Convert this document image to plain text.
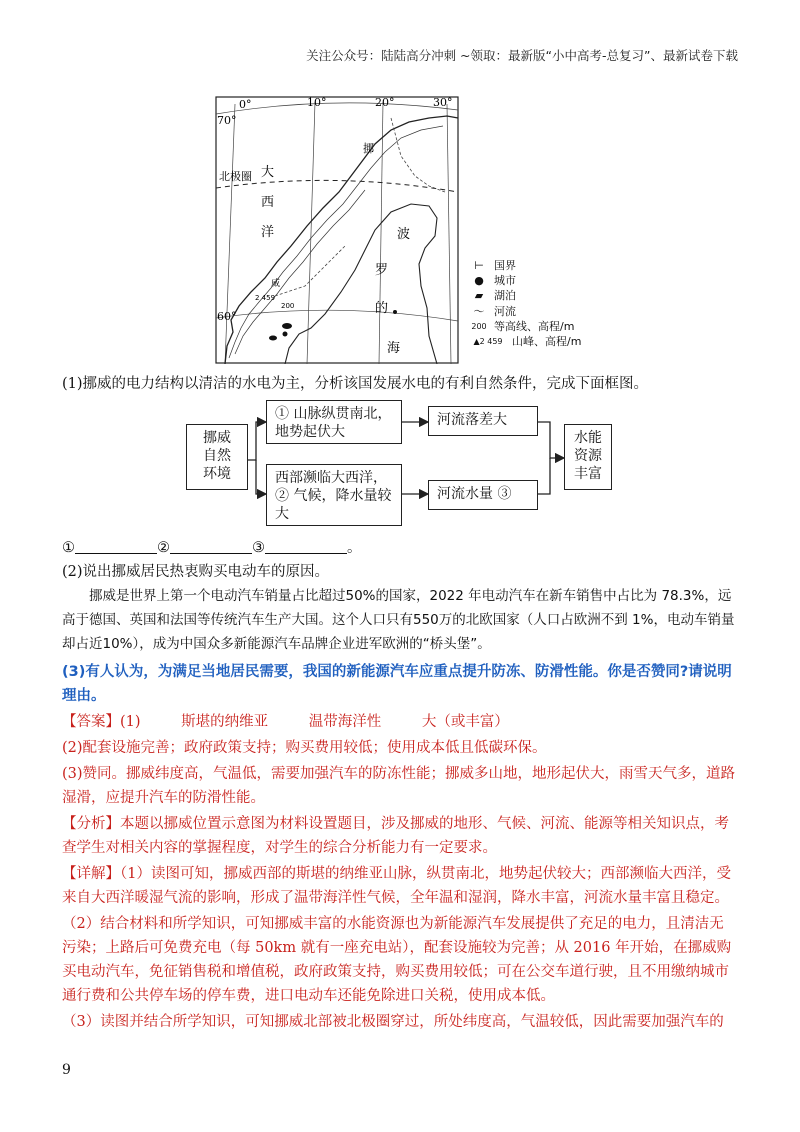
关注公众号：陆陆高分冲刺 ~领取：最新版“小中高考-总复习”、最新试卷下载
0°	10°	20°	30°
70°
60°
北极圈 大
西
洋	波
罗
的
海
挪
威
200
2 459
⊢ 国界
● 城市
▰ 湖泊
〜 河流
200 等高线、高程/m
▲2 459 山峰、高程/m
(1)挪威的电力结构以清洁的水电为主，分析该国发展水电的有利自然条件，完成下面框图。
挪威自然环境
① 山脉纵贯南北，地势起伏大
河流落差大
西部濒临大西洋，② 气候，降水量较大
河流水量 ③
水能资源丰富
①	②	③	。
(2)说出挪威居民热衷购买电动车的原因。
挪威是世界上第一个电动汽车销量占比超过50%的国家，2022 年电动汽车在新车销售中占比为 78.3%，远高于德国、英国和法国等传统汽车生产大国。这个人口只有550万的北欧国家（人口占欧洲不到 1%，电动车销量却占近10%），成为中国众多新能源汽车品牌企业进军欧洲的“桥头堡”。
(3)有人认为，为满足当地居民需要，我国的新能源汽车应重点提升防冻、防滑性能。你是否赞同?请说明理由。
【答案】(1)	斯堪的纳维亚	温带海洋性	大（或丰富）
(2)配套设施完善；政府政策支持；购买费用较低；使用成本低且低碳环保。
(3)赞同。挪威纬度高，气温低，需要加强汽车的防冻性能；挪威多山地，地形起伏大，雨雪天气多，道路湿滑，应提升汽车的防滑性能。
【分析】本题以挪威位置示意图为材料设置题目，涉及挪威的地形、气候、河流、能源等相关知识点，考查学生对相关内容的掌握程度，对学生的综合分析能力有一定要求。
【详解】（1）读图可知，挪威西部的斯堪的纳维亚山脉，纵贯南北，地势起伏较大；西部濒临大西洋，受来自大西洋暖湿气流的影响，形成了温带海洋性气候，全年温和湿润，降水丰富，河流水量丰富且稳定。
（2）结合材料和所学知识，可知挪威丰富的水能资源也为新能源汽车发展提供了充足的电力，且清洁无污染；上路后可免费充电（每 50km 就有一座充电站），配套设施较为完善；从 2016 年开始，在挪威购买电动汽车，免征销售税和增值税，政府政策支持，购买费用较低；可在公交车道行驶，且不用缴纳城市通行费和公共停车场的停车费，进口电动车还能免除进口关税，使用成本低。
（3）读图并结合所学知识，可知挪威北部被北极圈穿过，所处纬度高，气温较低，因此需要加强汽车的
9
